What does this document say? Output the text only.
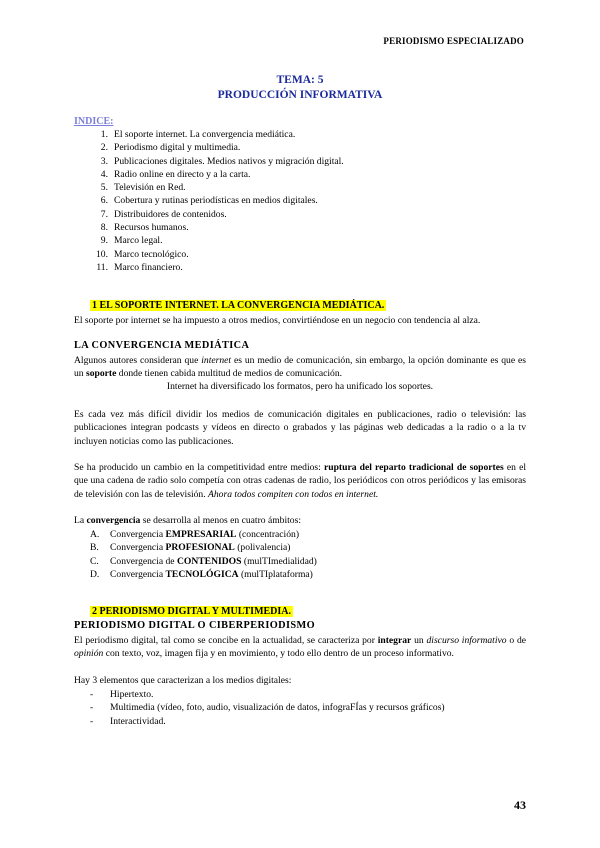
PERIODISMO ESPECIALIZADO
TEMA: 5
PRODUCCIÓN INFORMATIVA
INDICE:
1. El soporte internet. La convergencia mediática.
2. Periodismo digital y multimedia.
3. Publicaciones digitales. Medios nativos y migración digital.
4. Radio online en directo y a la carta.
5. Televisión en Red.
6. Cobertura y rutinas periodísticas en medios digitales.
7. Distribuidores de contenidos.
8. Recursos humanos.
9. Marco legal.
10. Marco tecnológico.
11. Marco financiero.
1 EL SOPORTE INTERNET. LA CONVERGENCIA MEDIÁTICA.
El soporte por internet se ha impuesto a otros medios, convirtiéndose en un negocio con tendencia al alza.
LA CONVERGENCIA MEDIÁTICA
Algunos autores consideran que internet es un medio de comunicación, sin embargo, la opción dominante es que es un soporte donde tienen cabida multitud de medios de comunicación.
Internet ha diversificado los formatos, pero ha unificado los soportes.
Es cada vez más difícil dividir los medios de comunicación digitales en publicaciones, radio o televisión: las publicaciones integran podcasts y vídeos en directo o grabados y las páginas web dedicadas a la radio o a la tv incluyen noticias como las publicaciones.
Se ha producido un cambio en la competitividad entre medios: ruptura del reparto tradicional de soportes en el que una cadena de radio solo competía con otras cadenas de radio, los periódicos con otros periódicos y las emisoras de televisión con las de televisión. Ahora todos compiten con todos en internet.
La convergencia se desarrolla al menos en cuatro ámbitos:
A. Convergencia EMPRESARIAL (concentración)
B. Convergencia PROFESIONAL (polivalencia)
C. Convergencia de CONTENIDOS (mulTImedialidad)
D. Convergencia TECNOLÓGICA (mulTIplataforma)
2 PERIODISMO DIGITAL Y MULTIMEDIA.
PERIODISMO DIGITAL O CIBERPERIODISMO
El periodismo digital, tal como se concibe en la actualidad, se caracteriza por integrar un discurso informativo o de opinión con texto, voz, imagen fija y en movimiento, y todo ello dentro de un proceso informativo.
Hay 3 elementos que caracterizan a los medios digitales:
- Hipertexto.
- Multimedia (vídeo, foto, audio, visualización de datos, infograFÍas y recursos gráficos)
- Interactividad.
43
